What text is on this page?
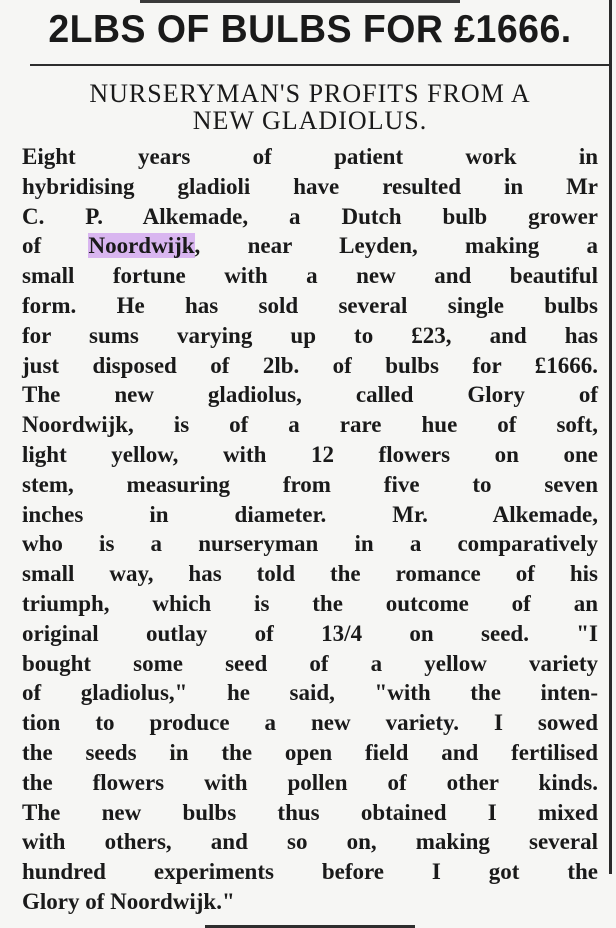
2LBS OF BULBS FOR £1666.
NURSERYMAN'S PROFITS FROM A
NEW GLADIOLUS.
Eight years of patient work in
hybridising gladioli have resulted in Mr
C. P. Alkemade, a Dutch bulb grower
of Noordwijk, near Leyden, making a
small fortune with a new and beautiful
form. He has sold several single bulbs
for sums varying up to £23, and has
just disposed of 2lb. of bulbs for £1666.
The new gladiolus, called Glory of
Noordwijk, is of a rare hue of soft,
light yellow, with 12 flowers on one
stem, measuring from five to seven
inches in diameter. Mr. Alkemade,
who is a nurseryman in a comparatively
small way, has told the romance of his
triumph, which is the outcome of an
original outlay of 13/4 on seed. "I
bought some seed of a yellow variety
of gladiolus," he said, "with the inten-
tion to produce a new variety. I sowed
the seeds in the open field and fertilised
the flowers with pollen of other kinds.
The new bulbs thus obtained I mixed
with others, and so on, making several
hundred experiments before I got the
Glory of Noordwijk."
